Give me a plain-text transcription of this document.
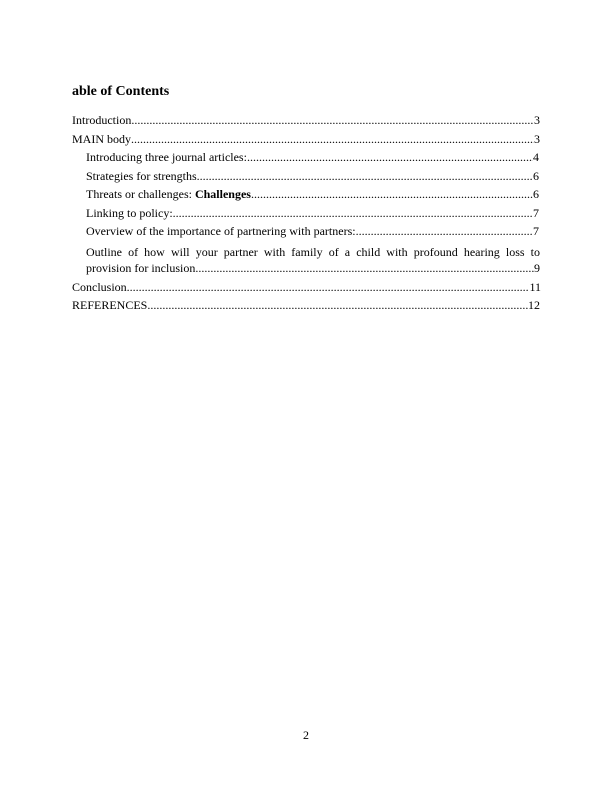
able of Contents
Introduction .....	3
MAIN body .....	3
Introducing three journal articles: .....	4
Strategies for strengths .....	6
Threats or challenges: Challenges .....	6
Linking to policy: .....	7
Overview of the importance of partnering with partners: .....	7
Outline of how will your partner with family of a child with profound hearing loss to
provision for inclusion .....	9
Conclusion .....	11
REFERENCES .....	12
2
